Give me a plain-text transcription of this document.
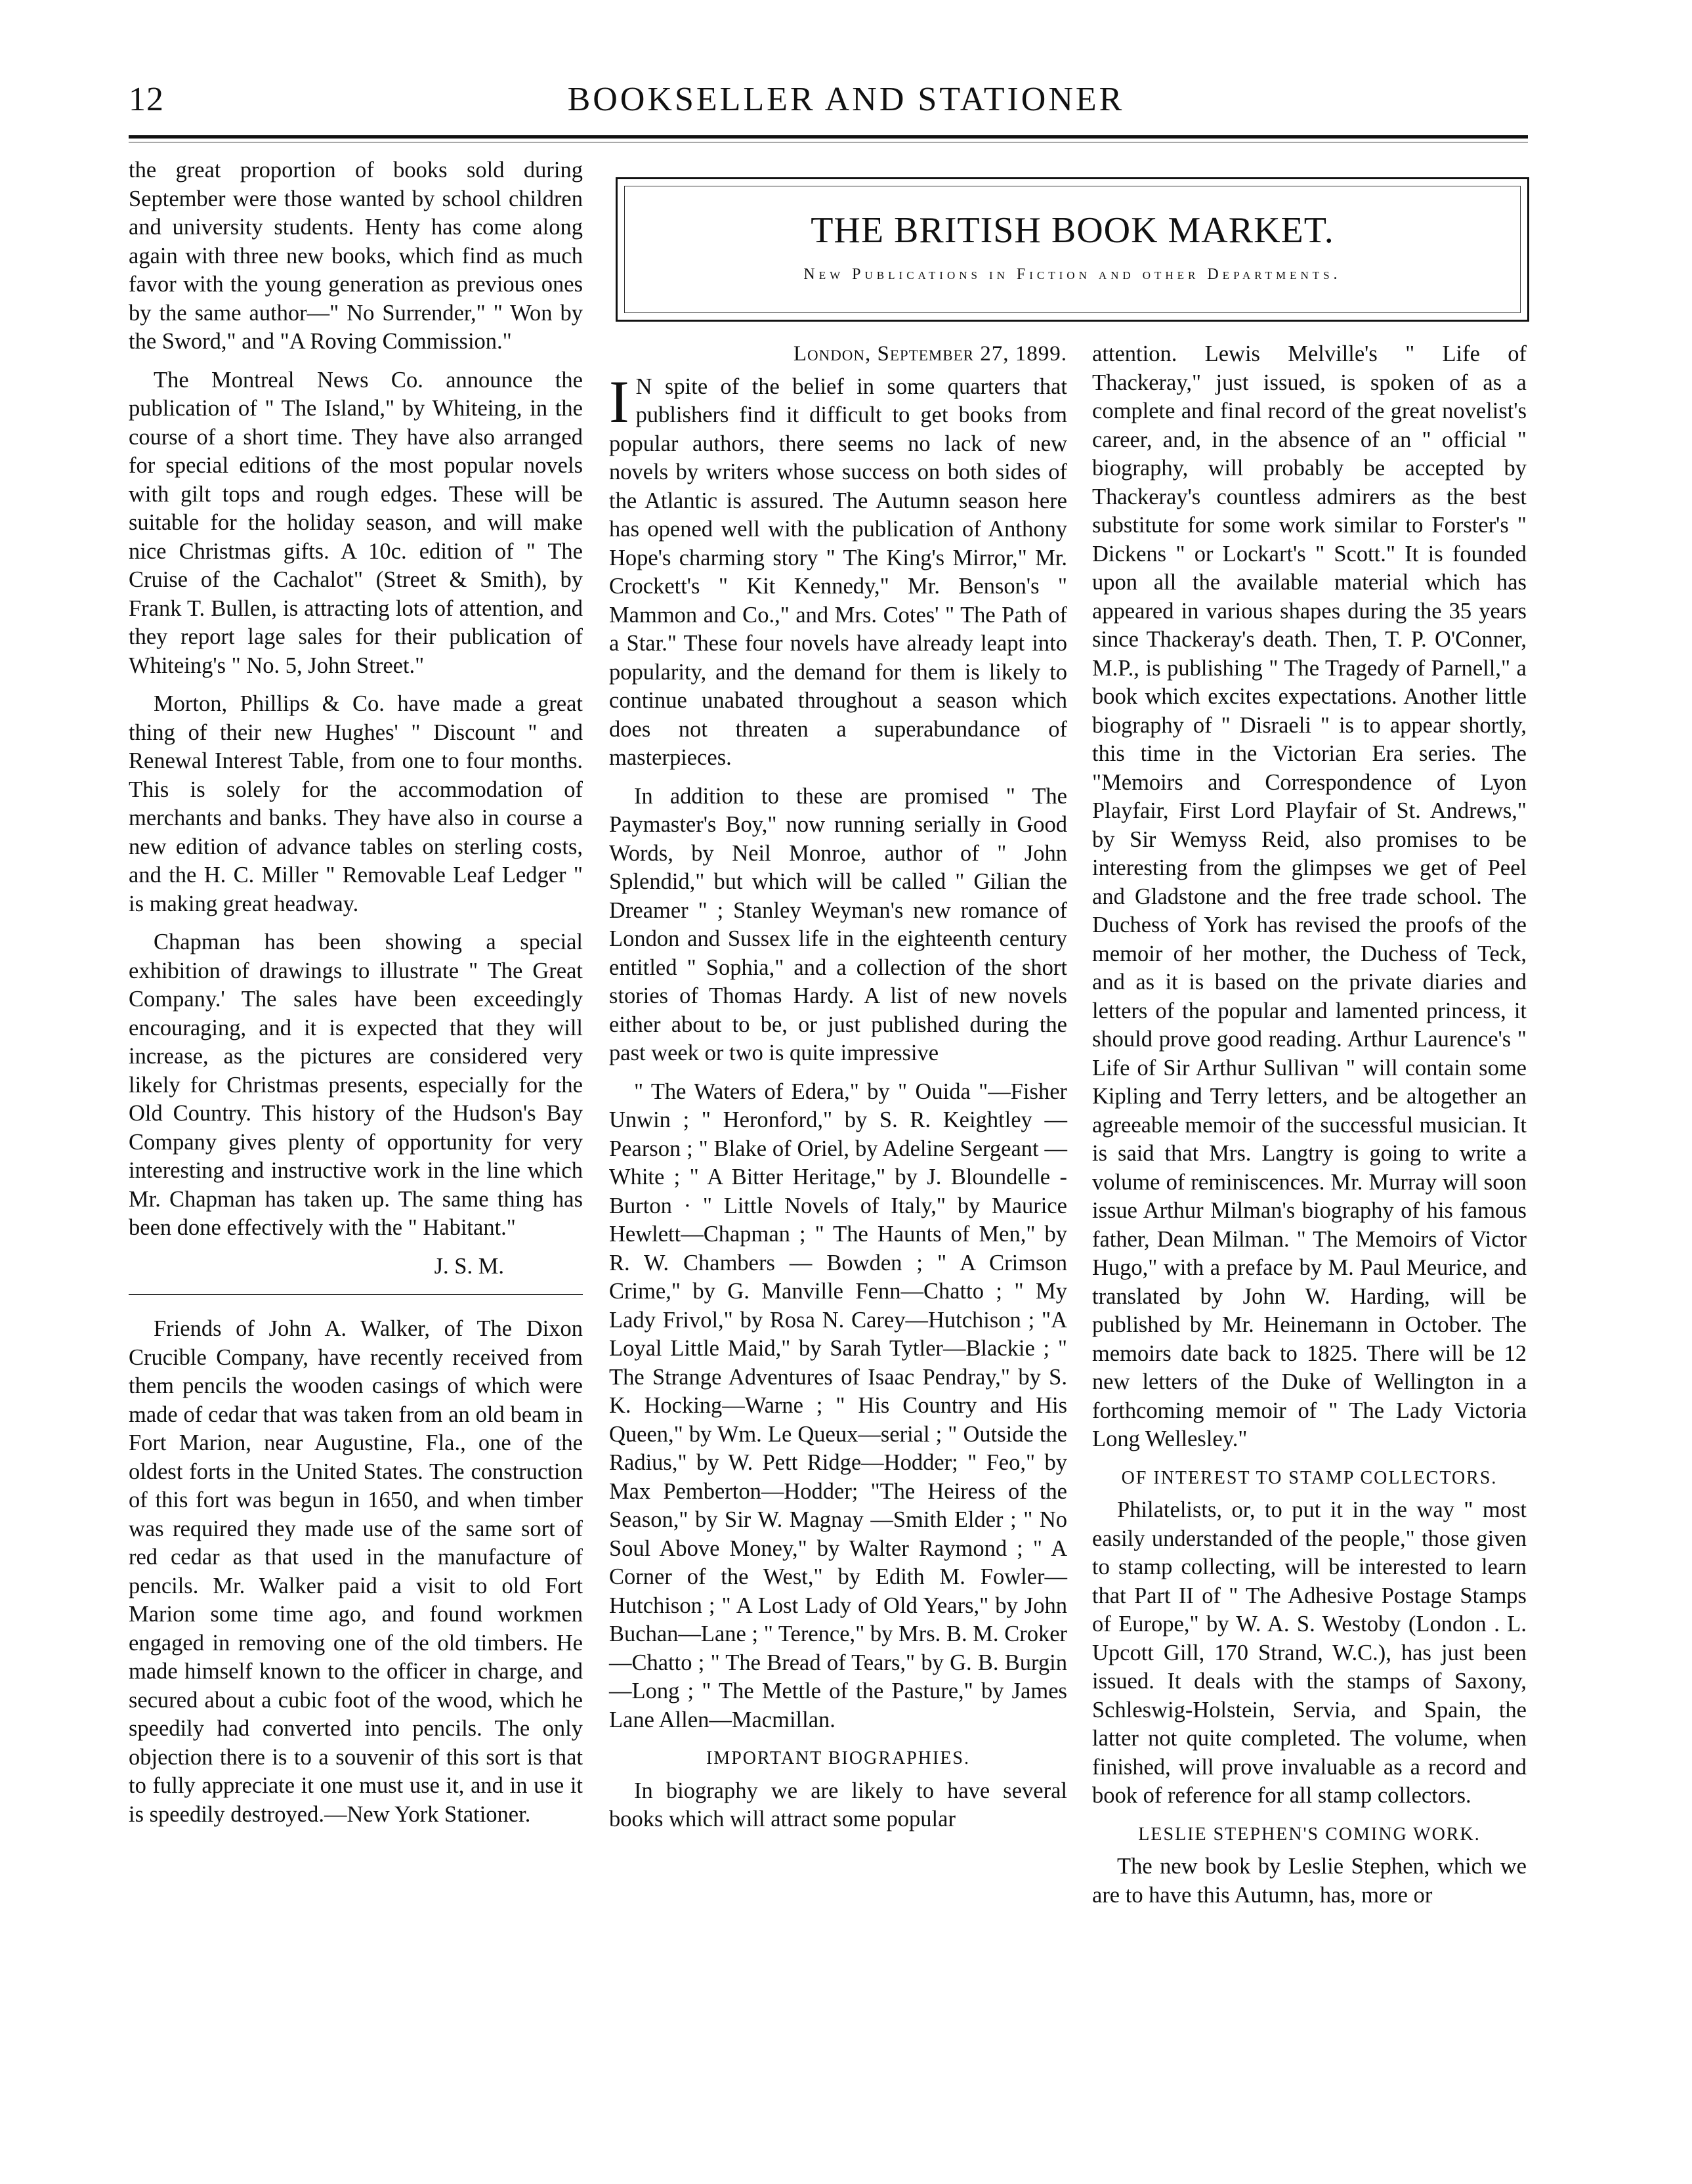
12	BOOKSELLER AND STATIONER

the great proportion of books sold during September were those wanted by school children and university students. Henty has come along again with three new books, which find as much favor with the young generation as previous ones by the same author—" No Surrender," " Won by the Sword," and "A Roving Commission."

The Montreal News Co. announce the publication of " The Island," by Whiteing, in the course of a short time. They have also arranged for special editions of the most popular novels with gilt tops and rough edges. These will be suitable for the holiday season, and will make nice Christmas gifts. A 10c. edition of " The Cruise of the Cachalot" (Street & Smith), by Frank T. Bullen, is attracting lots of attention, and they report lage sales for their publication of Whiteing's " No. 5, John Street."

Morton, Phillips & Co. have made a great thing of their new Hughes' " Discount " and Renewal Interest Table, from one to four months. This is solely for the accommodation of merchants and banks. They have also in course a new edition of advance tables on sterling costs, and the H. C. Miller " Removable Leaf Ledger " is making great headway.

Chapman has been showing a special exhibition of drawings to illustrate " The Great Company.' The sales have been exceedingly encouraging, and it is expected that they will increase, as the pictures are considered very likely for Christmas presents, especially for the Old Country. This history of the Hudson's Bay Company gives plenty of opportunity for very interesting and instructive work in the line which Mr. Chapman has taken up. The same thing has been done effectively with the " Habitant."

J. S. M.

Friends of John A. Walker, of The Dixon Crucible Company, have recently received from them pencils the wooden casings of which were made of cedar that was taken from an old beam in Fort Marion, near Augustine, Fla., one of the oldest forts in the United States. The construction of this fort was begun in 1650, and when timber was required they made use of the same sort of red cedar as that used in the manufacture of pencils. Mr. Walker paid a visit to old Fort Marion some time ago, and found workmen engaged in removing one of the old timbers. He made himself known to the officer in charge, and secured about a cubic foot of the wood, which he speedily had converted into pencils. The only objection there is to a souvenir of this sort is that to fully appreciate it one must use it, and in use it is speedily destroyed.—New York Stationer.

THE BRITISH BOOK MARKET.
New Publications in Fiction and other Departments.
London, September 27, 1899.

I N spite of the belief in some quarters that publishers find it difficult to get books from popular authors, there seems no lack of new novels by writers whose success on both sides of the Atlantic is assured. The Autumn season here has opened well with the publication of Anthony Hope's charming story " The King's Mirror," Mr. Crockett's " Kit Kennedy," Mr. Benson's " Mammon and Co.," and Mrs. Cotes' " The Path of a Star." These four novels have already leapt into popularity, and the demand for them is likely to continue unabated throughout a season which does not threaten a superabundance of masterpieces.

In addition to these are promised " The Paymaster's Boy," now running serially in Good Words, by Neil Monroe, author of " John Splendid," but which will be called " Gilian the Dreamer " ; Stanley Weyman's new romance of London and Sussex life in the eighteenth century entitled " Sophia," and a collection of the short stories of Thomas Hardy. A list of new novels either about to be, or just published during the past week or two is quite impressive

" The Waters of Edera," by " Ouida "—Fisher Unwin ; " Heronford," by S. R. Keightley —Pearson ; " Blake of Oriel, by Adeline Sergeant — White ; " A Bitter Heritage," by J. Bloundelle - Burton · " Little Novels of Italy," by Maurice Hewlett—Chapman ; " The Haunts of Men," by R. W. Chambers — Bowden ; " A Crimson Crime," by G. Manville Fenn—Chatto ; " My Lady Frivol," by Rosa N. Carey—Hutchison ; "A Loyal Little Maid," by Sarah Tytler—Blackie ; " The Strange Adventures of Isaac Pendray," by S. K. Hocking—Warne ; " His Country and His Queen," by Wm. Le Queux—serial ; " Outside the Radius," by W. Pett Ridge—Hodder; " Feo," by Max Pemberton—Hodder; "The Heiress of the Season," by Sir W. Magnay —Smith Elder ; " No Soul Above Money," by Walter Raymond ; " A Corner of the West," by Edith M. Fowler—Hutchison ; " A Lost Lady of Old Years," by John Buchan—Lane ; " Terence," by Mrs. B. M. Croker—Chatto ; " The Bread of Tears," by G. B. Burgin—Long ; " The Mettle of the Pasture," by James Lane Allen—Macmillan.

IMPORTANT BIOGRAPHIES.

In biography we are likely to have several books which will attract some popular

attention. Lewis Melville's " Life of Thackeray," just issued, is spoken of as a complete and final record of the great novelist's career, and, in the absence of an " official " biography, will probably be accepted by Thackeray's countless admirers as the best substitute for some work similar to Forster's " Dickens " or Lockart's " Scott." It is founded upon all the available material which has appeared in various shapes during the 35 years since Thackeray's death. Then, T. P. O'Conner, M.P., is publishing " The Tragedy of Parnell," a book which excites expectations. Another little biography of " Disraeli " is to appear shortly, this time in the Victorian Era series. The "Memoirs and Correspondence of Lyon Playfair, First Lord Playfair of St. Andrews," by Sir Wemyss Reid, also promises to be interesting from the glimpses we get of Peel and Gladstone and the free trade school. The Duchess of York has revised the proofs of the memoir of her mother, the Duchess of Teck, and as it is based on the private diaries and letters of the popular and lamented princess, it should prove good reading. Arthur Laurence's " Life of Sir Arthur Sullivan " will contain some Kipling and Terry letters, and be altogether an agreeable memoir of the successful musician. It is said that Mrs. Langtry is going to write a volume of reminiscences. Mr. Murray will soon issue Arthur Milman's biography of his famous father, Dean Milman. " The Memoirs of Victor Hugo," with a preface by M. Paul Meurice, and translated by John W. Harding, will be published by Mr. Heinemann in October. The memoirs date back to 1825. There will be 12 new letters of the Duke of Wellington in a forthcoming memoir of " The Lady Victoria Long Wellesley."

OF INTEREST TO STAMP COLLECTORS.

Philatelists, or, to put it in the way " most easily understanded of the people," those given to stamp collecting, will be interested to learn that Part II of " The Adhesive Postage Stamps of Europe," by W. A. S. Westoby (London . L. Upcott Gill, 170 Strand, W.C.), has just been issued. It deals with the stamps of Saxony, Schleswig-Holstein, Servia, and Spain, the latter not quite completed. The volume, when finished, will prove invaluable as a record and book of reference for all stamp collectors.

LESLIE STEPHEN'S COMING WORK.

The new book by Leslie Stephen, which we are to have this Autumn, has, more or
